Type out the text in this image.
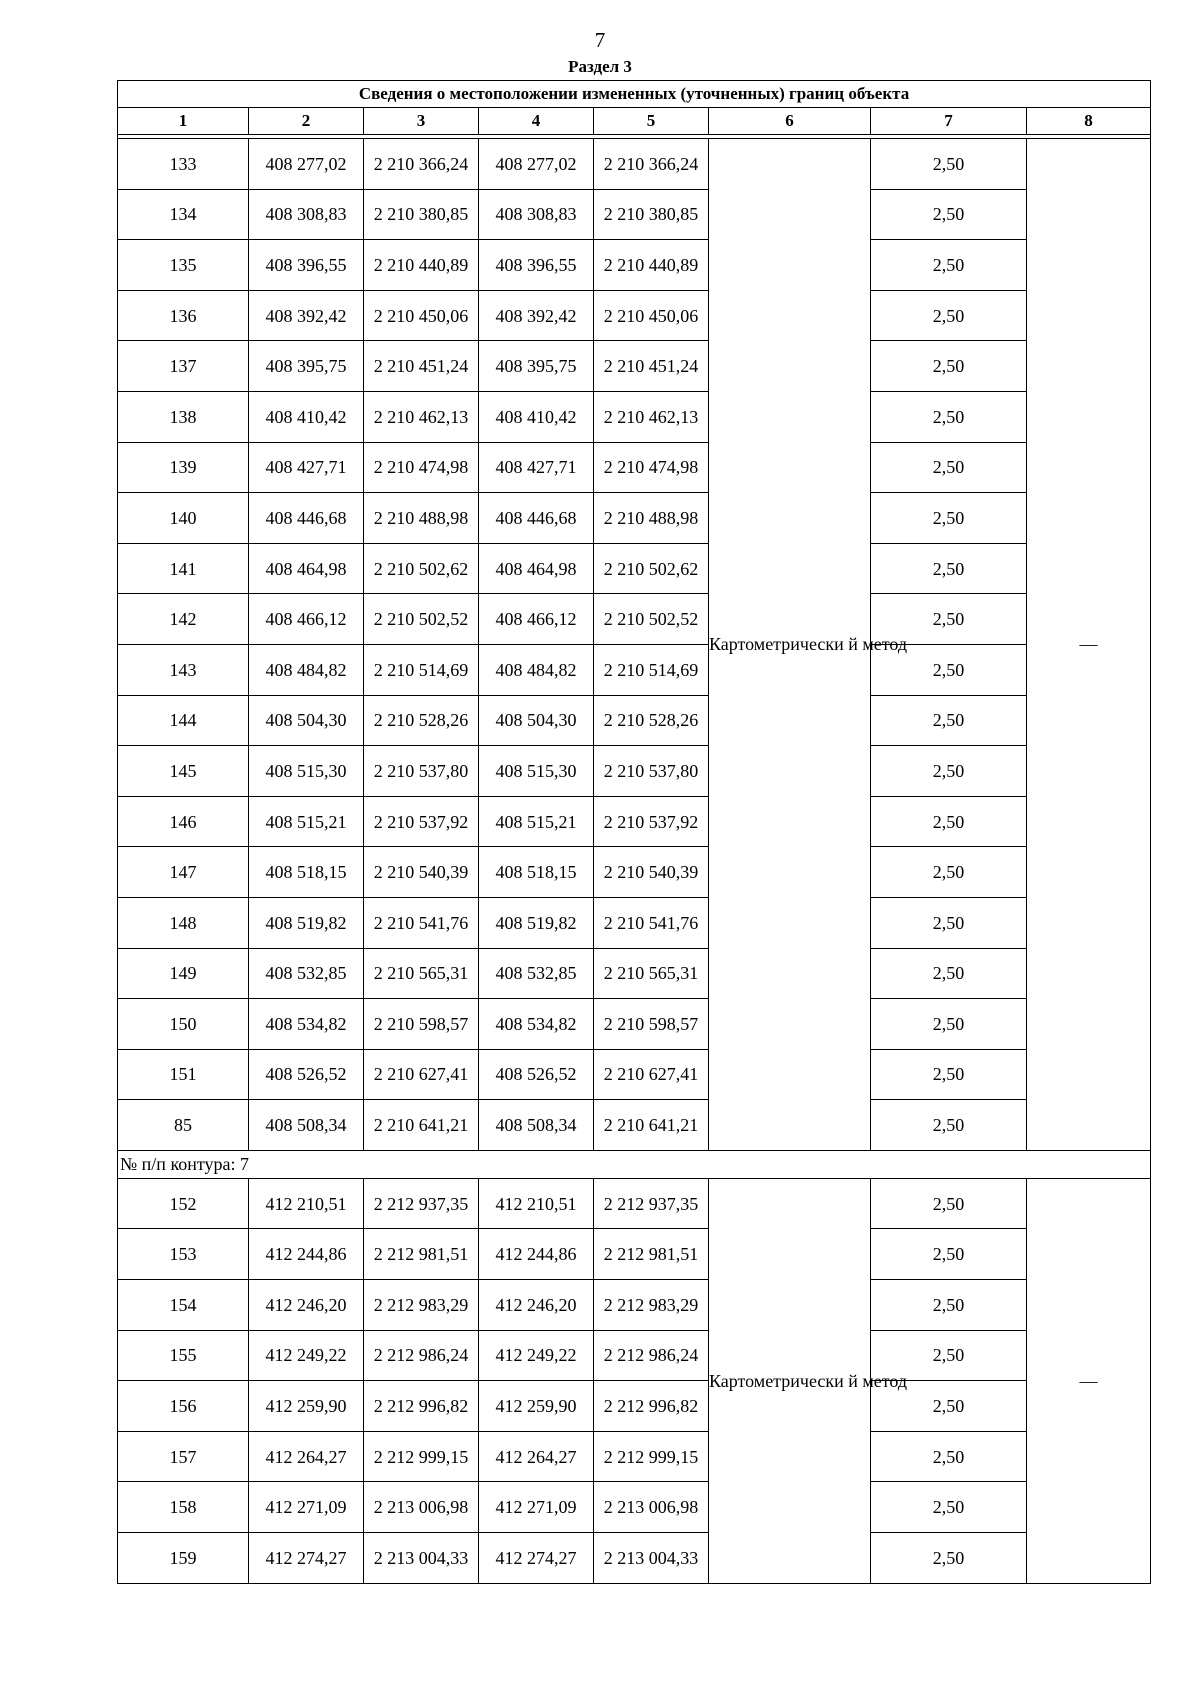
7
Раздел 3
Сведения о местоположении измененных (уточненных) границ объекта							
1	2	3	4	5	6	7	8

133	408 277,02	2 210 366,24	408 277,02	2 210 366,24	Картометрически й метод	2,50	—
134	408 308,83	2 210 380,85	408 308,83	2 210 380,85		2,50	
135	408 396,55	2 210 440,89	408 396,55	2 210 440,89		2,50	
136	408 392,42	2 210 450,06	408 392,42	2 210 450,06		2,50	
137	408 395,75	2 210 451,24	408 395,75	2 210 451,24		2,50	
138	408 410,42	2 210 462,13	408 410,42	2 210 462,13		2,50	
139	408 427,71	2 210 474,98	408 427,71	2 210 474,98		2,50	
140	408 446,68	2 210 488,98	408 446,68	2 210 488,98		2,50	
141	408 464,98	2 210 502,62	408 464,98	2 210 502,62		2,50	
142	408 466,12	2 210 502,52	408 466,12	2 210 502,52		2,50	
143	408 484,82	2 210 514,69	408 484,82	2 210 514,69		2,50	
144	408 504,30	2 210 528,26	408 504,30	2 210 528,26		2,50	
145	408 515,30	2 210 537,80	408 515,30	2 210 537,80		2,50	
146	408 515,21	2 210 537,92	408 515,21	2 210 537,92		2,50	
147	408 518,15	2 210 540,39	408 518,15	2 210 540,39		2,50	
148	408 519,82	2 210 541,76	408 519,82	2 210 541,76		2,50	
149	408 532,85	2 210 565,31	408 532,85	2 210 565,31		2,50	
150	408 534,82	2 210 598,57	408 534,82	2 210 598,57		2,50	
151	408 526,52	2 210 627,41	408 526,52	2 210 627,41		2,50	
85	408 508,34	2 210 641,21	408 508,34	2 210 641,21		2,50	
№ п/п контура: 7							
152	412 210,51	2 212 937,35	412 210,51	2 212 937,35	Картометрически й метод	2,50	—
153	412 244,86	2 212 981,51	412 244,86	2 212 981,51		2,50	
154	412 246,20	2 212 983,29	412 246,20	2 212 983,29		2,50	
155	412 249,22	2 212 986,24	412 249,22	2 212 986,24		2,50	
156	412 259,90	2 212 996,82	412 259,90	2 212 996,82		2,50	
157	412 264,27	2 212 999,15	412 264,27	2 212 999,15		2,50	
158	412 271,09	2 213 006,98	412 271,09	2 213 006,98		2,50	
159	412 274,27	2 213 004,33	412 274,27	2 213 004,33		2,50	
